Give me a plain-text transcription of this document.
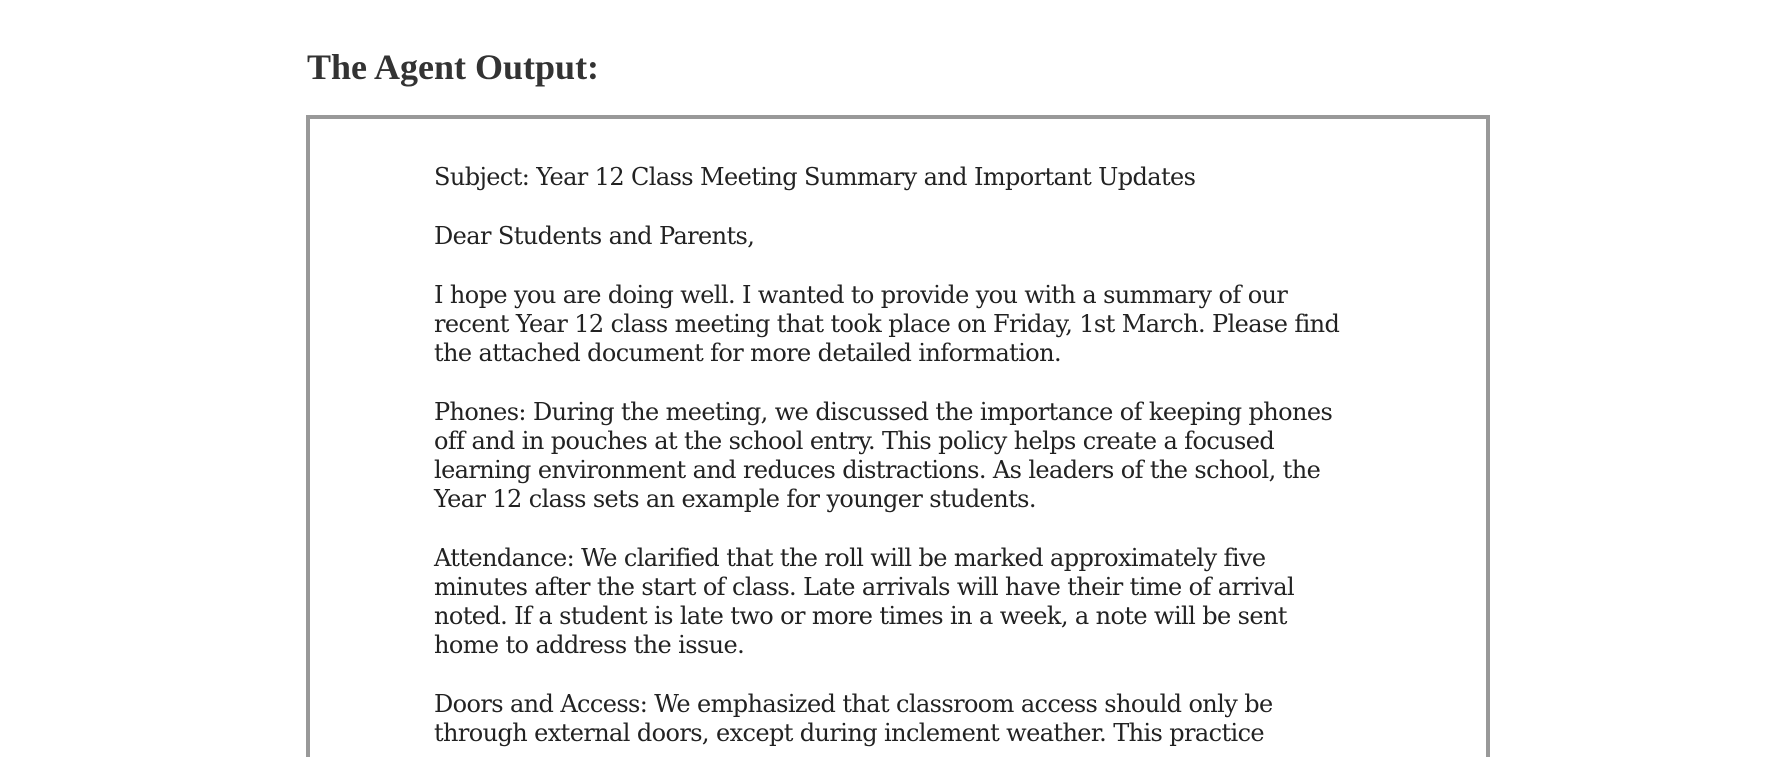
The Agent Output:

Subject: Year 12 Class Meeting Summary and Important Updates

Dear Students and Parents,

I hope you are doing well. I wanted to provide you with a summary of our
recent Year 12 class meeting that took place on Friday, 1st March. Please find
the attached document for more detailed information.

Phones: During the meeting, we discussed the importance of keeping phones
off and in pouches at the school entry. This policy helps create a focused
learning environment and reduces distractions. As leaders of the school, the
Year 12 class sets an example for younger students.

Attendance: We clarified that the roll will be marked approximately five
minutes after the start of class. Late arrivals will have their time of arrival
noted. If a student is late two or more times in a week, a note will be sent
home to address the issue.

Doors and Access: We emphasized that classroom access should only be
through external doors, except during inclement weather. This practice
